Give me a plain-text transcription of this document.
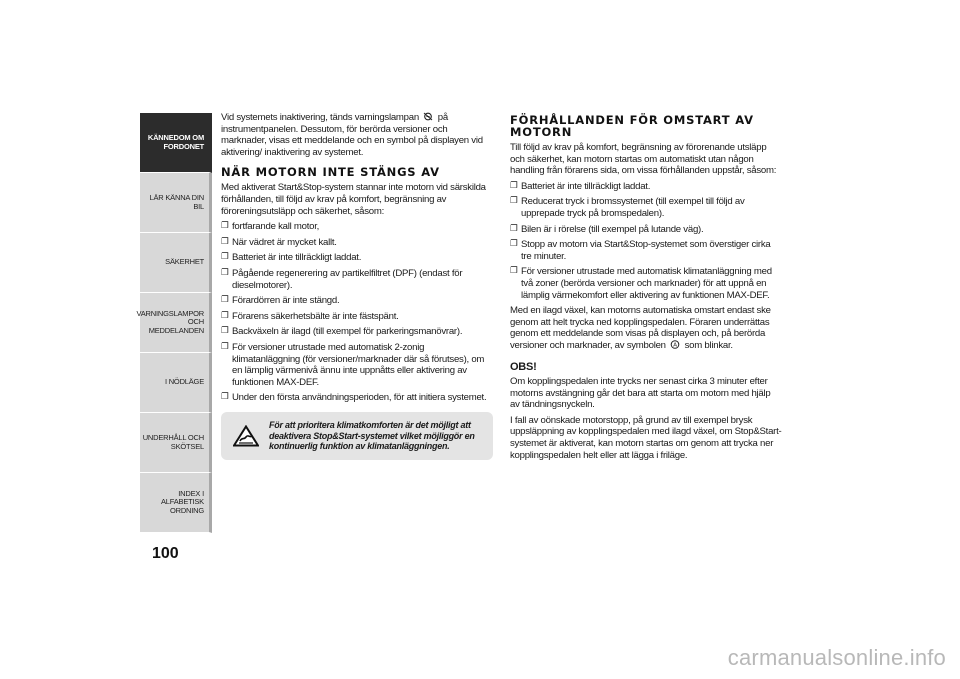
KÄNNEDOM OM FORDONET
LÄR KÄNNA DIN BIL
SÄKERHET
VARNINGSLAMPOR OCH MEDDELANDEN
I NÖDLÄGE
UNDERHÅLL OCH SKÖTSEL
INDEX I ALFABETISK ORDNING
100

Vid systemets inaktivering, tänds varningslampan på instrumentpanelen. Dessutom, för berörda versioner och marknader, visas ett meddelande och en symbol på displayen vid aktivering/ inaktivering av systemet.

NÄR MOTORN INTE STÄNGS AV

Med aktiverat Start&Stop-system stannar inte motorn vid särskilda förhållanden, till följd av krav på komfort, begränsning av föroreningsutsläpp och säkerhet, såsom:

❐ fortfarande kall motor,
❐ När vädret är mycket kallt.
❐ Batteriet är inte tillräckligt laddat.
❐ Pågående regenerering av partikelfiltret (DPF) (endast för dieselmotorer).
❐ Förardörren är inte stängd.
❐ Förarens säkerhetsbälte är inte fästspänt.
❐ Backväxeln är ilagd (till exempel för parkeringsmanövrar).
❐ För versioner utrustade med automatisk 2-zonig klimatanläggning (för versioner/marknader där så förutses), om en lämplig värmenivå ännu inte uppnåtts eller aktivering av funktionen MAX-DEF.
❐ Under den första användningsperioden, för att initiera systemet.
För att prioritera klimatkomforten är det möjligt att deaktivera Stop&Start-systemet vilket möjliggör en kontinuerlig funktion av klimatanläggningen.
FÖRHÅLLANDEN FÖR OMSTART AV MOTORN

Till följd av krav på komfort, begränsning av förorenande utsläpp och säkerhet, kan motorn startas om automatiskt utan någon handling från förarens sida, om vissa förhållanden uppstår, såsom:

❐ Batteriet är inte tillräckligt laddat.
❐ Reducerat tryck i bromssystemet (till exempel till följd av upprepade tryck på bromspedalen).
❐ Bilen är i rörelse (till exempel på lutande väg).
❐ Stopp av motorn via Start&Stop-systemet som överstiger cirka tre minuter.
❐ För versioner utrustade med automatisk klimatanläggning med två zoner (berörda versioner och marknader) för att uppnå en lämplig värmekomfort eller aktivering av funktionen MAX-DEF.

Med en ilagd växel, kan motorns automatiska omstart endast ske genom att helt trycka ned kopplingspedalen. Föraren underrättas genom ett meddelande som visas på displayen och, på berörda versioner och marknader, av symbolen A som blinkar.

OBS!

Om kopplingspedalen inte trycks ner senast cirka 3 minuter efter motorns avstängning går det bara att starta om motorn med hjälp av tändningsnyckeln.

I fall av oönskade motorstopp, på grund av till exempel brysk uppsläppning av kopplingspedalen med ilagd växel, om Stop&Start-systemet är aktiverat, kan motorn startas om genom att trycka ner kopplingspedalen helt eller att lägga i friläge.

carmanualsonline.info
